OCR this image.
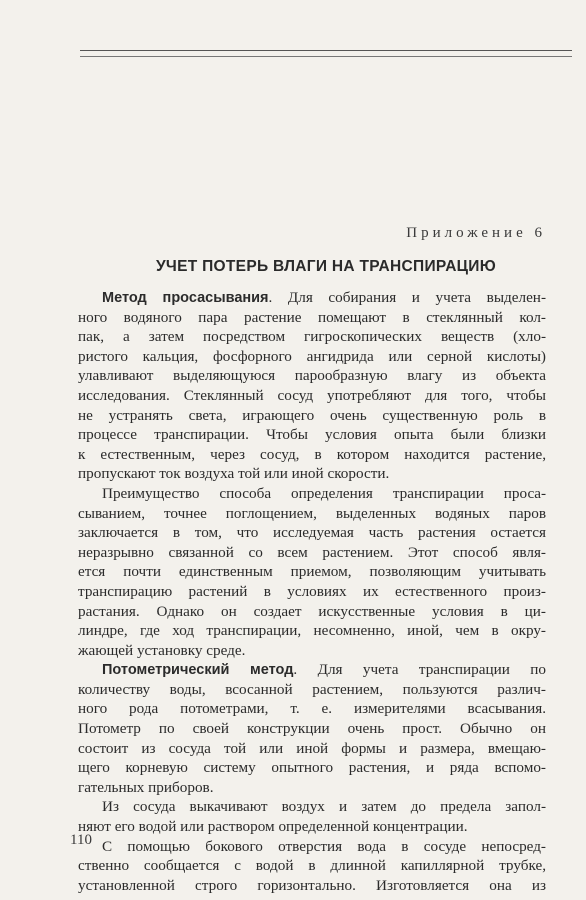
Приложение 6
УЧЕТ ПОТЕРЬ ВЛАГИ НА ТРАНСПИРАЦИЮ
Метод просасывания. Для собирания и учета выделен-
ного водяного пара растение помещают в стеклянный кол-
пак, а затем посредством гигроскопических веществ (хло-
ристого кальция, фосфорного ангидрида или серной кислоты)
улавливают выделяющуюся парообразную влагу из объекта
исследования. Стеклянный сосуд употребляют для того, чтобы
не устранять света, играющего очень существенную роль в
процессе транспирации. Чтобы условия опыта были близки
к естественным, через сосуд, в котором находится растение,
пропускают ток воздуха той или иной скорости.
Преимущество способа определения транспирации просa-
сыванием, точнее поглощением, выделенных водяных паров
заключается в том, что исследуемая часть растения остается
неразрывно связанной со всем растением. Этот способ явля-
ется почти единственным приемом, позволяющим учитывать
транспирацию растений в условиях их естественного произ-
растания. Однако он создает искусственные условия в ци-
линдре, где ход транспирации, несомненно, иной, чем в окру-
жающей установку среде.
Потометрический метод. Для учета транспирации по
количеству воды, всосанной растением, пользуются различ-
ного рода потометрами, т. е. измерителями всасывания.
Потометр по своей конструкции очень прост. Обычно он
состоит из сосуда той или иной формы и размера, вмещаю-
щего корневую систему опытного растения, и ряда вспомо-
гательных приборов.
Из сосуда выкачивают воздух и затем до предела запол-
няют его водой или раствором определенной концентрации.
С помощью бокового отверстия вода в сосуде непосред-
ственно сообщается с водой в длинной капиллярной трубке,
установленной строго горизонтально. Изготовляется она из
110
